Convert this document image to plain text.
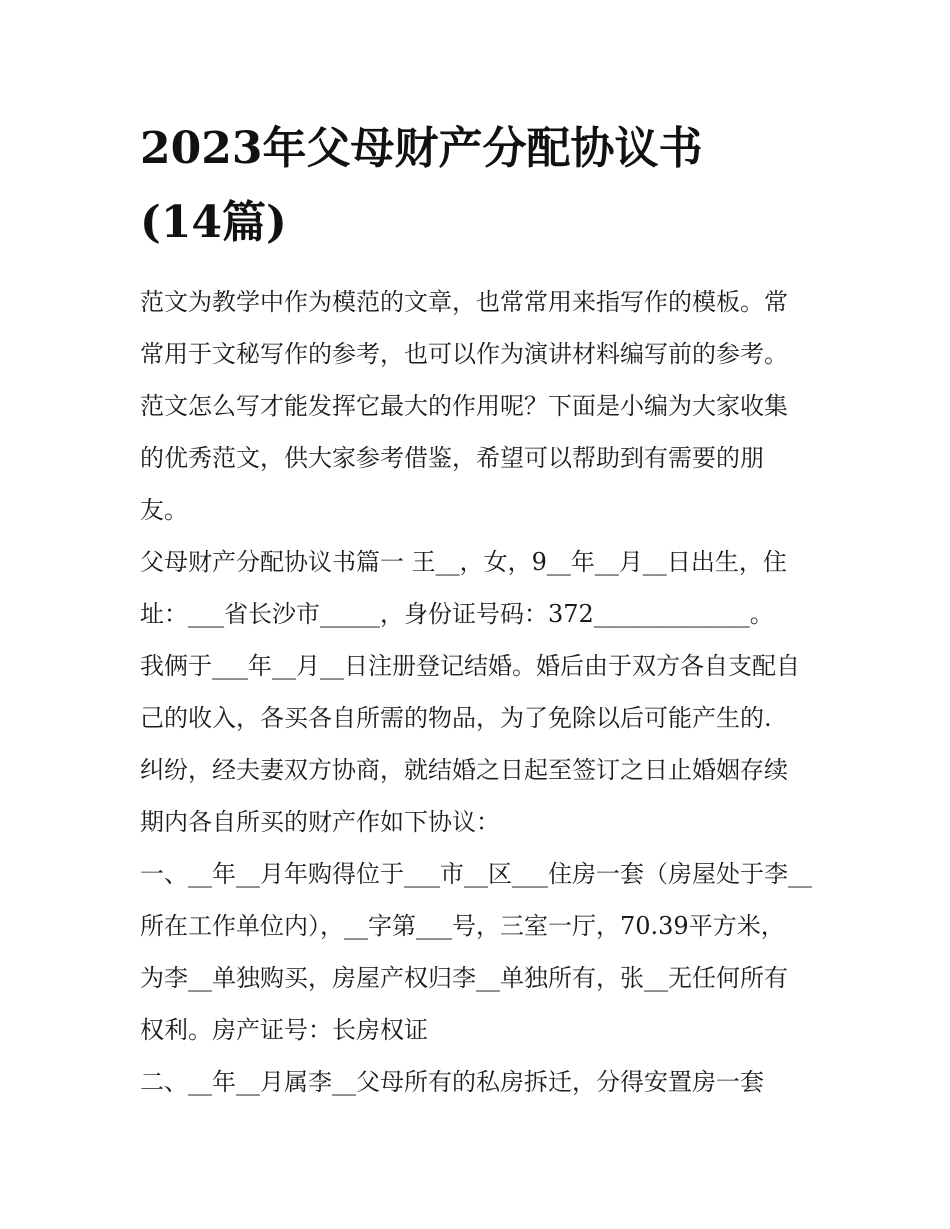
2023年父母财产分配协议书
(14篇)
范文为教学中作为模范的文章，也常常用来指写作的模板。常
常用于文秘写作的参考，也可以作为演讲材料编写前的参考。
范文怎么写才能发挥它最大的作用呢？下面是小编为大家收集
的优秀范文，供大家参考借鉴，希望可以帮助到有需要的朋
友。
父母财产分配协议书篇一 王__，女，9__年__月__日出生，住
址：___省长沙市_____，身份证号码：372_____________。
我俩于___年__月__日注册登记结婚。婚后由于双方各自支配自
己的收入，各买各自所需的物品，为了免除以后可能产生的.
纠纷，经夫妻双方协商，就结婚之日起至签订之日止婚姻存续
期内各自所买的财产作如下协议：
一、__年__月年购得位于___市__区___住房一套（房屋处于李__
所在工作单位内），__字第___号，三室一厅，70.39平方米，
为李__单独购买，房屋产权归李__单独所有，张__无任何所有
权利。房产证号：长房权证
二、__年__月属李__父母所有的私房拆迁，分得安置房一套
